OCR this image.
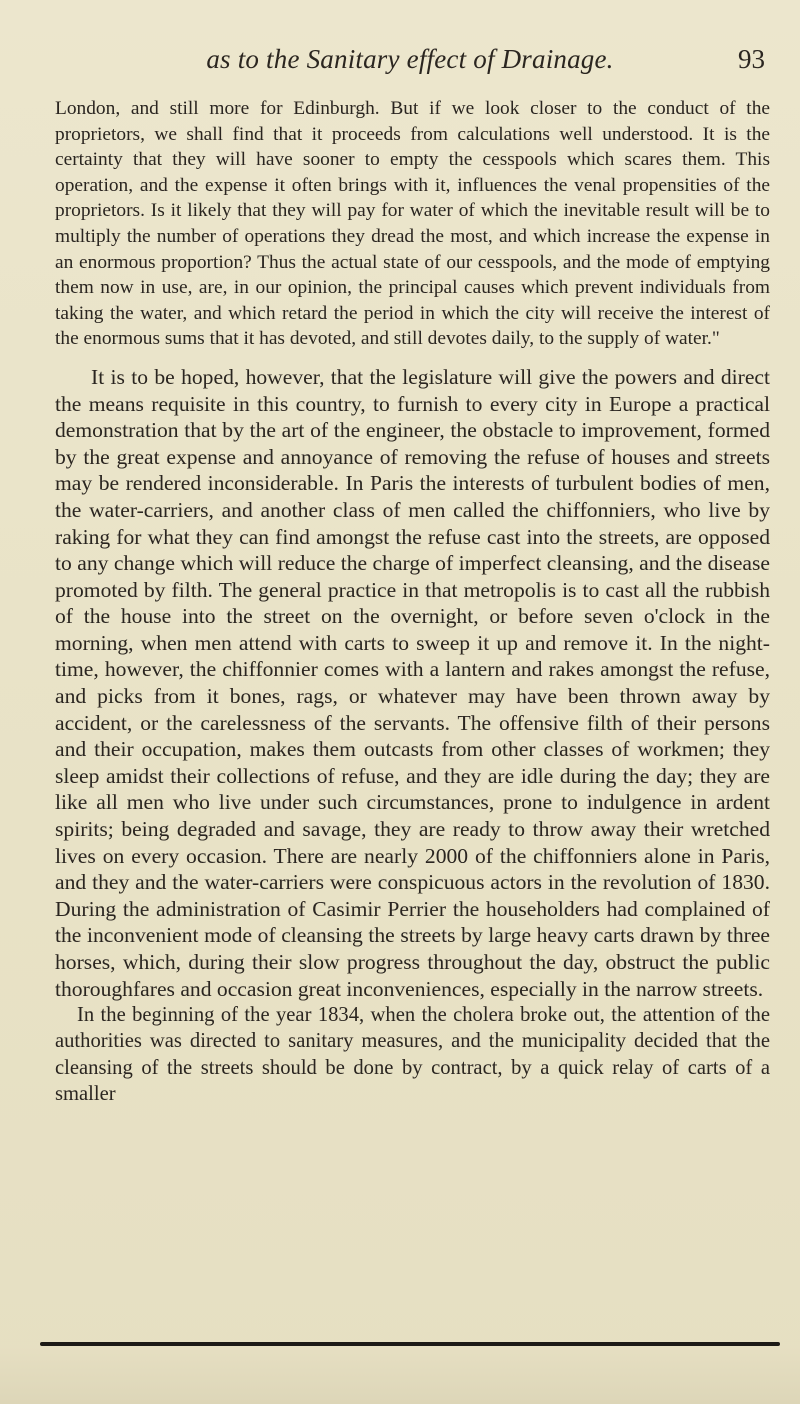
as to the Sanitary effect of Drainage.	93

London, and still more for Edinburgh. But if we look closer to the conduct of the proprietors, we shall find that it proceeds from calculations well understood. It is the certainty that they will have sooner to empty the cesspools which scares them. This operation, and the expense it often brings with it, influences the venal propensities of the proprietors. Is it likely that they will pay for water of which the inevitable result will be to multiply the number of operations they dread the most, and which increase the expense in an enormous proportion? Thus the actual state of our cesspools, and the mode of emptying them now in use, are, in our opinion, the principal causes which prevent individuals from taking the water, and which retard the period in which the city will receive the interest of the enormous sums that it has devoted, and still devotes daily, to the supply of water."

It is to be hoped, however, that the legislature will give the powers and direct the means requisite in this country, to furnish to every city in Europe a practical demonstration that by the art of the engineer, the obstacle to improvement, formed by the great expense and annoyance of removing the refuse of houses and streets may be rendered inconsiderable. In Paris the interests of turbulent bodies of men, the water-carriers, and another class of men called the chiffonniers, who live by raking for what they can find amongst the refuse cast into the streets, are opposed to any change which will reduce the charge of imperfect cleansing, and the disease promoted by filth. The general practice in that metropolis is to cast all the rubbish of the house into the street on the overnight, or before seven o'clock in the morning, when men attend with carts to sweep it up and remove it. In the night-time, however, the chiffonnier comes with a lantern and rakes amongst the refuse, and picks from it bones, rags, or whatever may have been thrown away by accident, or the carelessness of the servants. The offensive filth of their persons and their occupation, makes them outcasts from other classes of workmen; they sleep amidst their collections of refuse, and they are idle during the day; they are like all men who live under such circumstances, prone to indulgence in ardent spirits; being degraded and savage, they are ready to throw away their wretched lives on every occasion. There are nearly 2000 of the chiffonniers alone in Paris, and they and the water-carriers were conspicuous actors in the revolution of 1830. During the administration of Casimir Perrier the householders had complained of the inconvenient mode of cleansing the streets by large heavy carts drawn by three horses, which, during their slow progress throughout the day, obstruct the public thoroughfares and occasion great inconveniences, especially in the narrow streets.

In the beginning of the year 1834, when the cholera broke out, the attention of the authorities was directed to sanitary measures, and the municipality decided that the cleansing of the streets should be done by contract, by a quick relay of carts of a smaller
